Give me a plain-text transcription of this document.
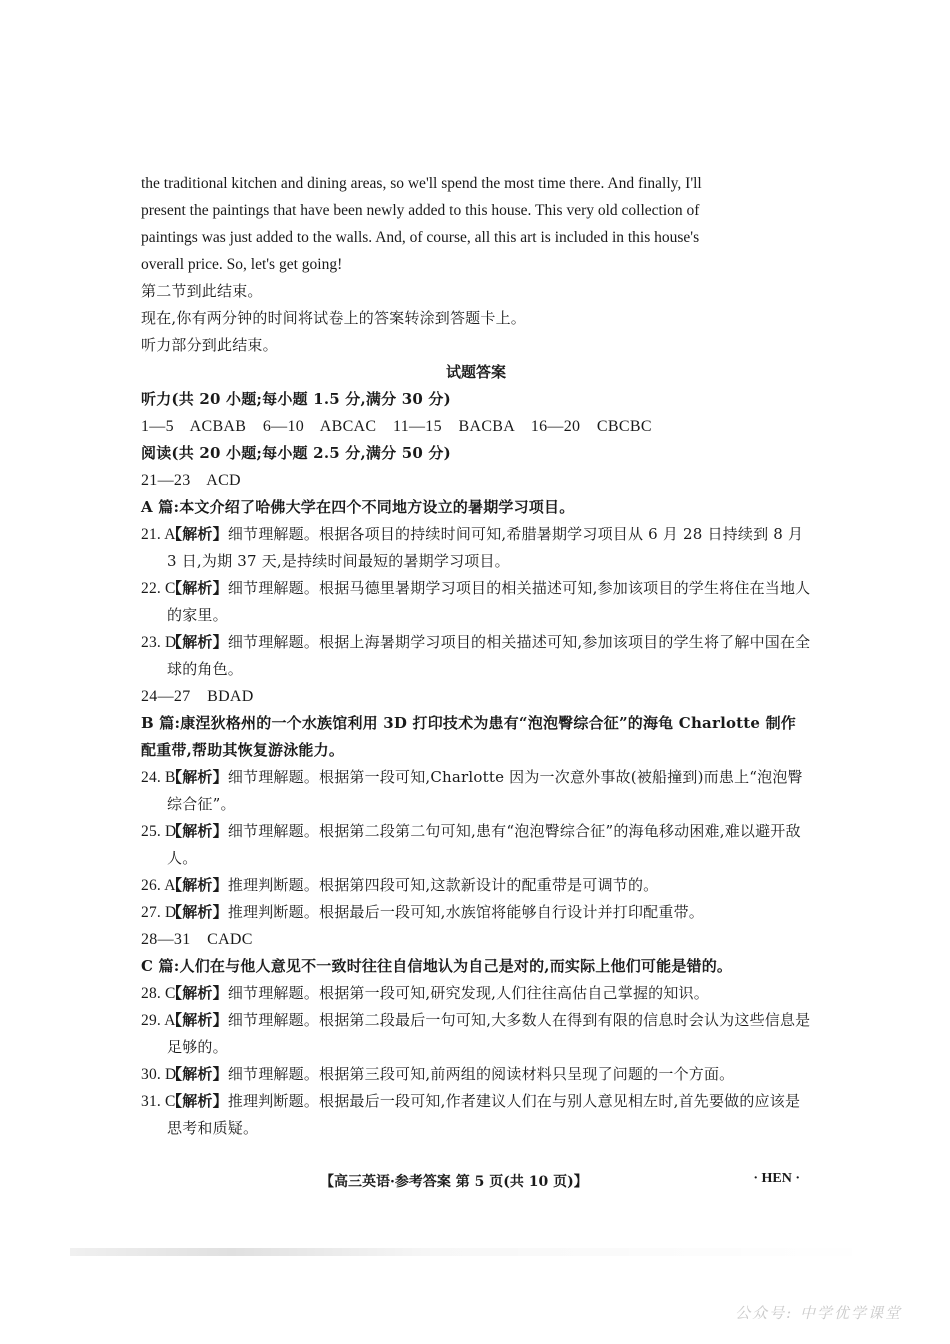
the traditional kitchen and dining areas, so we'll spend the most time there. And finally, I'll
present the paintings that have been newly added to this house. This very old collection of
paintings was just added to the walls. And, of course, all this art is included in this house's
overall price. So, let's get going!
第二节到此结束。
现在,你有两分钟的时间将试卷上的答案转涂到答题卡上。
听力部分到此结束。
试题答案
听力(共 20 小题;每小题 1.5 分,满分 30 分)
1—5  ACBAB  6—10  ABCAC  11—15  BACBA  16—20  CBCBC
阅读(共 20 小题;每小题 2.5 分,满分 50 分)
21—23  ACD
A 篇:本文介绍了哈佛大学在四个不同地方设立的暑期学习项目。
21. A
【解析】细节理解题。根据各项目的持续时间可知,希腊暑期学习项目从 6 月 28 日持续到 8 月 3 日,为期 37 天,是持续时间最短的暑期学习项目。
22. C
【解析】细节理解题。根据马德里暑期学习项目的相关描述可知,参加该项目的学生将住在当地人的家里。
23. D
【解析】细节理解题。根据上海暑期学习项目的相关描述可知,参加该项目的学生将了解中国在全球的角色。
24—27  BDAD
B 篇:康涅狄格州的一个水族馆利用 3D 打印技术为患有“泡泡臀综合征”的海龟 Charlotte 制作配重带,帮助其恢复游泳能力。
24. B
【解析】细节理解题。根据第一段可知,Charlotte 因为一次意外事故(被船撞到)而患上“泡泡臀综合征”。
25. D
【解析】细节理解题。根据第二段第二句可知,患有“泡泡臀综合征”的海龟移动困难,难以避开敌人。
26. A
【解析】推理判断题。根据第四段可知,这款新设计的配重带是可调节的。
27. D
【解析】推理判断题。根据最后一段可知,水族馆将能够自行设计并打印配重带。
28—31  CADC
C 篇:人们在与他人意见不一致时往往自信地认为自己是对的,而实际上他们可能是错的。
28. C
【解析】细节理解题。根据第一段可知,研究发现,人们往往高估自己掌握的知识。
29. A
【解析】细节理解题。根据第二段最后一句可知,大多数人在得到有限的信息时会认为这些信息是足够的。
30. D
【解析】细节理解题。根据第三段可知,前两组的阅读材料只呈现了问题的一个方面。
31. C
【解析】推理判断题。根据最后一段可知,作者建议人们在与别人意见相左时,首先要做的应该是思考和质疑。
【高三英语·参考答案 第 5 页(共 10 页)】	· HEN ·
公众号: 中学优学课堂
